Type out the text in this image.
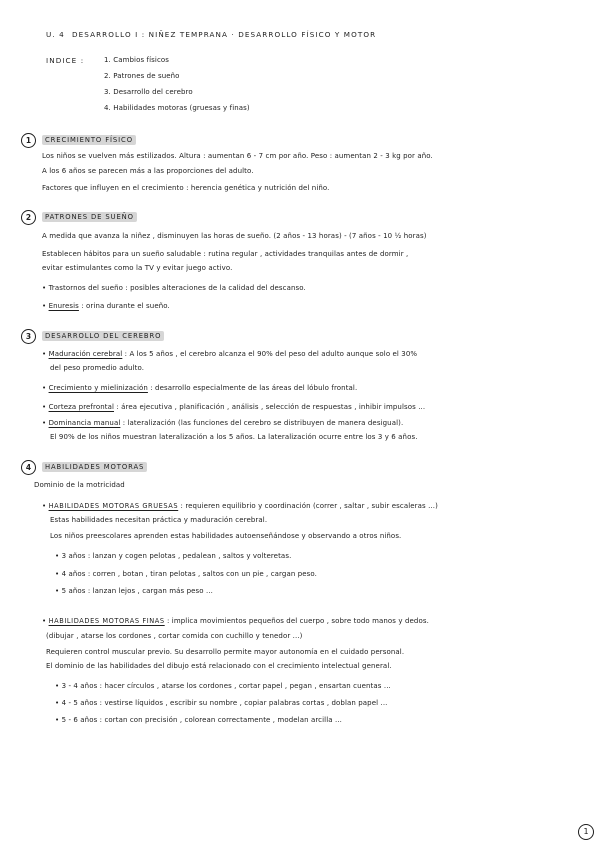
U. 4 DESARROLLO I : NIÑEZ TEMPRANA · DESARROLLO FÍSICO Y MOTOR
INDICE :	1. Cambios físicos
2. Patrones de sueño
3. Desarrollo del cerebro
4. Habilidades motoras (gruesas y finas)
1	CRECIMIENTO FÍSICO
Los niños se vuelven más estilizados. Altura : aumentan 6 - 7 cm por año. Peso : aumentan 2 - 3 kg por año.
A los 6 años se parecen más a las proporciones del adulto.
Factores que influyen en el crecimiento : herencia genética y nutrición del niño.
2	PATRONES DE SUEÑO
A medida que avanza la niñez , disminuyen las horas de sueño. (2 años - 13 horas) - (7 años - 10 ½ horas)
Establecen hábitos para un sueño saludable : rutina regular , actividades tranquilas antes de dormir ,
evitar estimulantes como la TV y evitar juego activo.
• Trastornos del sueño : posibles alteraciones de la calidad del descanso.
• Enuresis : orina durante el sueño.
3	DESARROLLO DEL CEREBRO
• Maduración cerebral : A los 5 años , el cerebro alcanza el 90% del peso del adulto aunque solo el 30%
del peso promedio adulto.
• Crecimiento y mielinización : desarrollo especialmente de las áreas del lóbulo frontal.
• Corteza prefrontal : área ejecutiva , planificación , análisis , selección de respuestas , inhibir impulsos ...
• Dominancia manual : lateralización (las funciones del cerebro se distribuyen de manera desigual).
El 90% de los niños muestran lateralización a los 5 años. La lateralización ocurre entre los 3 y 6 años.
4	HABILIDADES MOTORAS
Dominio de la motricidad
• HABILIDADES MOTORAS GRUESAS : requieren equilibrio y coordinación (correr , saltar , subir escaleras ...)
Estas habilidades necesitan práctica y maduración cerebral.
Los niños preescolares aprenden estas habilidades autoenseñándose y observando a otros niños.
• 3 años : lanzan y cogen pelotas , pedalean , saltos y volteretas.
• 4 años : corren , botan , tiran pelotas , saltos con un pie , cargan peso.
• 5 años : lanzan lejos , cargan más peso ...
• HABILIDADES MOTORAS FINAS : implica movimientos pequeños del cuerpo , sobre todo manos y dedos.
(dibujar , atarse los cordones , cortar comida con cuchillo y tenedor ...)
Requieren control muscular previo. Su desarrollo permite mayor autonomía en el cuidado personal.
El dominio de las habilidades del dibujo está relacionado con el crecimiento intelectual general.
• 3 - 4 años : hacer círculos , atarse los cordones , cortar papel , pegan , ensartan cuentas ...
• 4 - 5 años : vestirse líquidos , escribir su nombre , copiar palabras cortas , doblan papel ...
• 5 - 6 años : cortan con precisión , colorean correctamente , modelan arcilla ...
1
